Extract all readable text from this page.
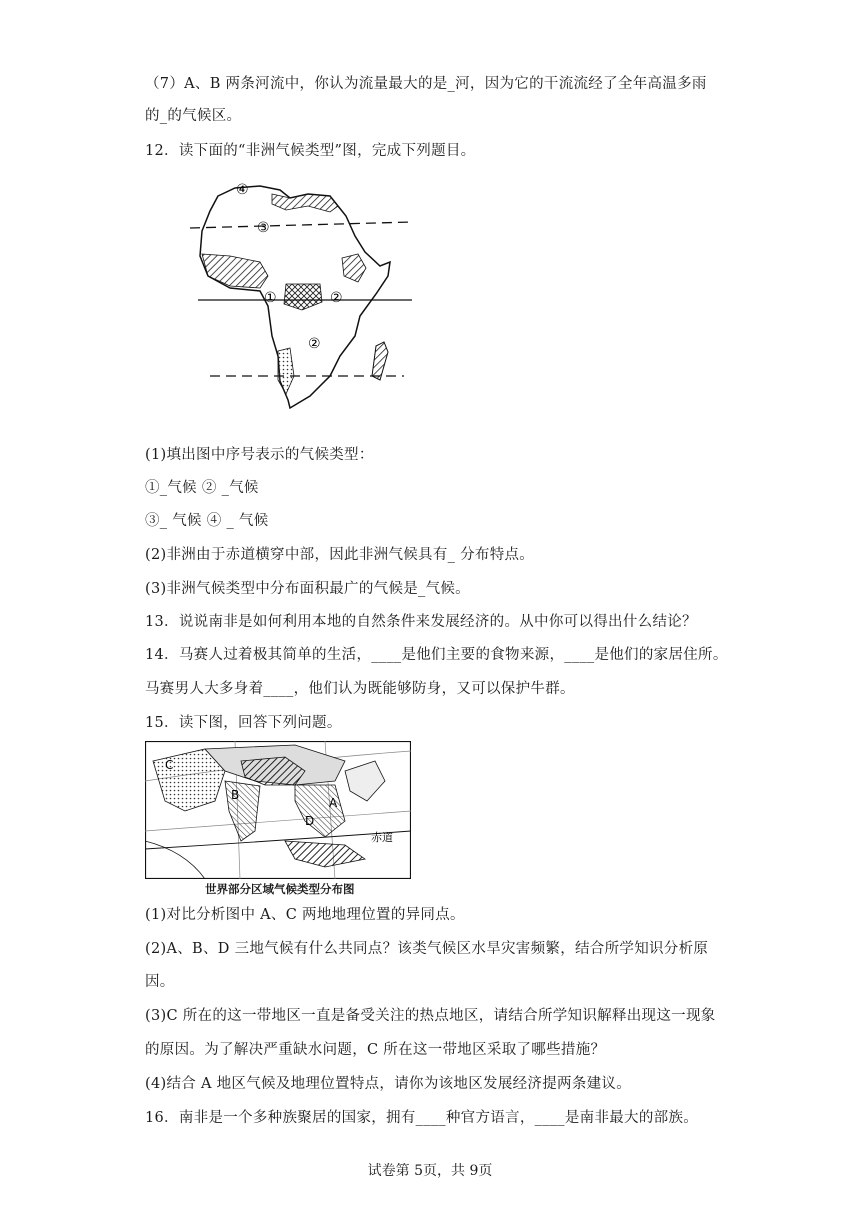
（7）A、B 两条河流中，你认为流量最大的是_河，因为它的干流流经了全年高温多雨
的_的气候区。
12．读下面的“非洲气候类型”图，完成下列题目。
④
③
①	②
②
(1)填出图中序号表示的气候类型：
①_气候 ② _气候
③_ 气候 ④ _ 气候
(2)非洲由于赤道横穿中部，因此非洲气候具有_ 分布特点。
(3)非洲气候类型中分布面积最广的气候是_气候。
13．说说南非是如何利用本地的自然条件来发展经济的。从中你可以得出什么结论？
14．马赛人过着极其简单的生活，____是他们主要的食物来源，____是他们的家居住所。
马赛男人大多身着____，他们认为既能够防身，又可以保护牛群。
15．读下图，回答下列问题。
C
B
A
D
赤道
世界部分区域气候类型分布图
(1)对比分析图中 A、C 两地地理位置的异同点。
(2)A、B、D 三地气候有什么共同点？该类气候区水旱灾害频繁，结合所学知识分析原
因。
(3)C 所在的这一带地区一直是备受关注的热点地区，请结合所学知识解释出现这一现象
的原因。为了解决严重缺水问题，C 所在这一带地区采取了哪些措施？
(4)结合 A 地区气候及地理位置特点，请你为该地区发展经济提两条建议。
16．南非是一个多种族聚居的国家，拥有____种官方语言，____是南非最大的部族。
试卷第 5页，共 9页
